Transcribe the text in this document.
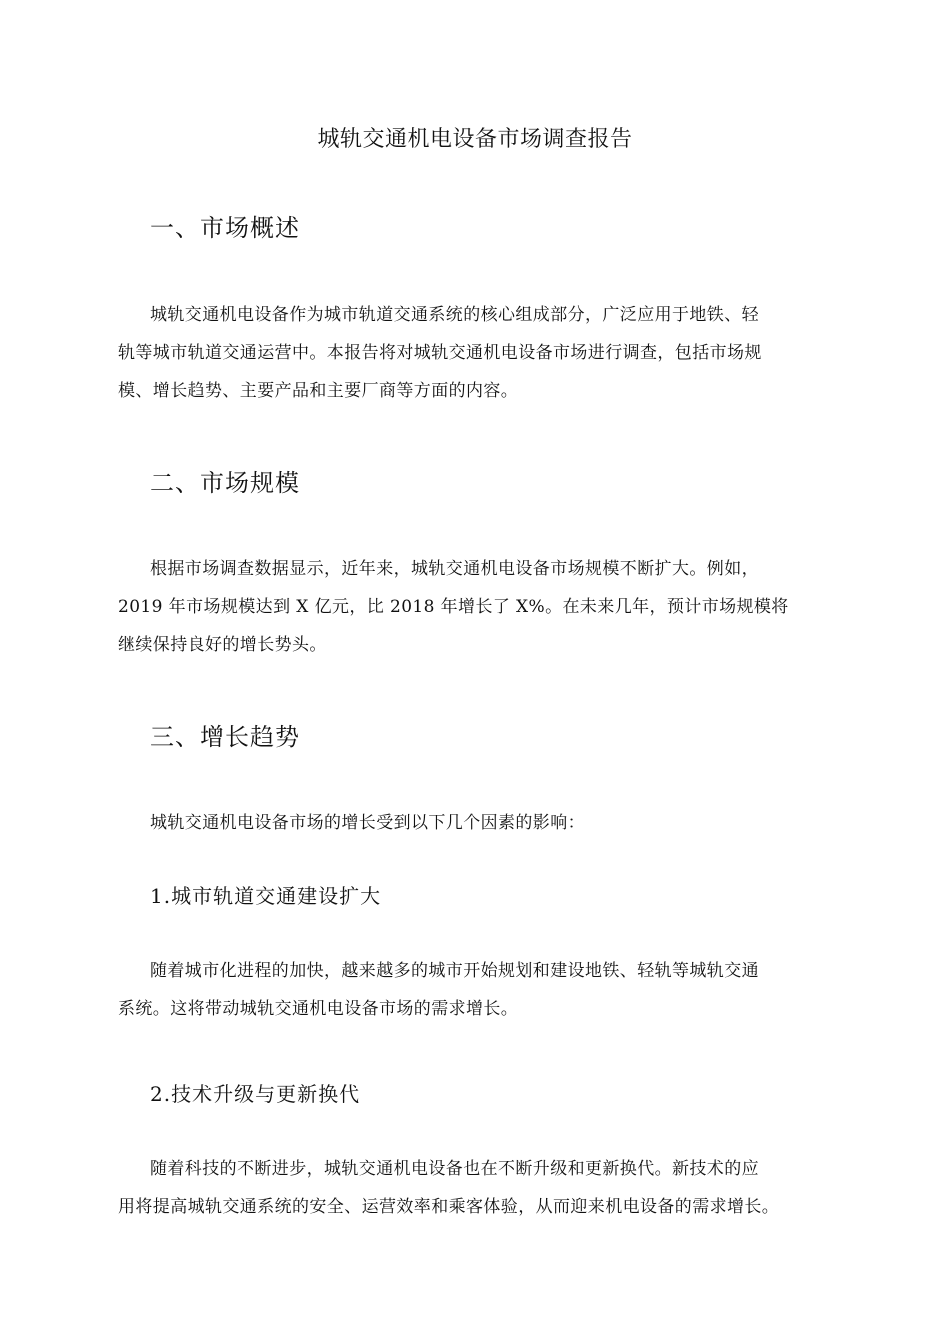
城轨交通机电设备市场调查报告
一、市场概述
城轨交通机电设备作为城市轨道交通系统的核心组成部分，广泛应用于地铁、轻
轨等城市轨道交通运营中。本报告将对城轨交通机电设备市场进行调查，包括市场规
模、增长趋势、主要产品和主要厂商等方面的内容。
二、市场规模
根据市场调查数据显示，近年来，城轨交通机电设备市场规模不断扩大。例如，
2019 年市场规模达到 X 亿元，比 2018 年增长了 X%。在未来几年，预计市场规模将
继续保持良好的增长势头。
三、增长趋势
城轨交通机电设备市场的增长受到以下几个因素的影响：
1.城市轨道交通建设扩大
随着城市化进程的加快，越来越多的城市开始规划和建设地铁、轻轨等城轨交通
系统。这将带动城轨交通机电设备市场的需求增长。
2.技术升级与更新换代
随着科技的不断进步，城轨交通机电设备也在不断升级和更新换代。新技术的应
用将提高城轨交通系统的安全、运营效率和乘客体验，从而迎来机电设备的需求增长。
